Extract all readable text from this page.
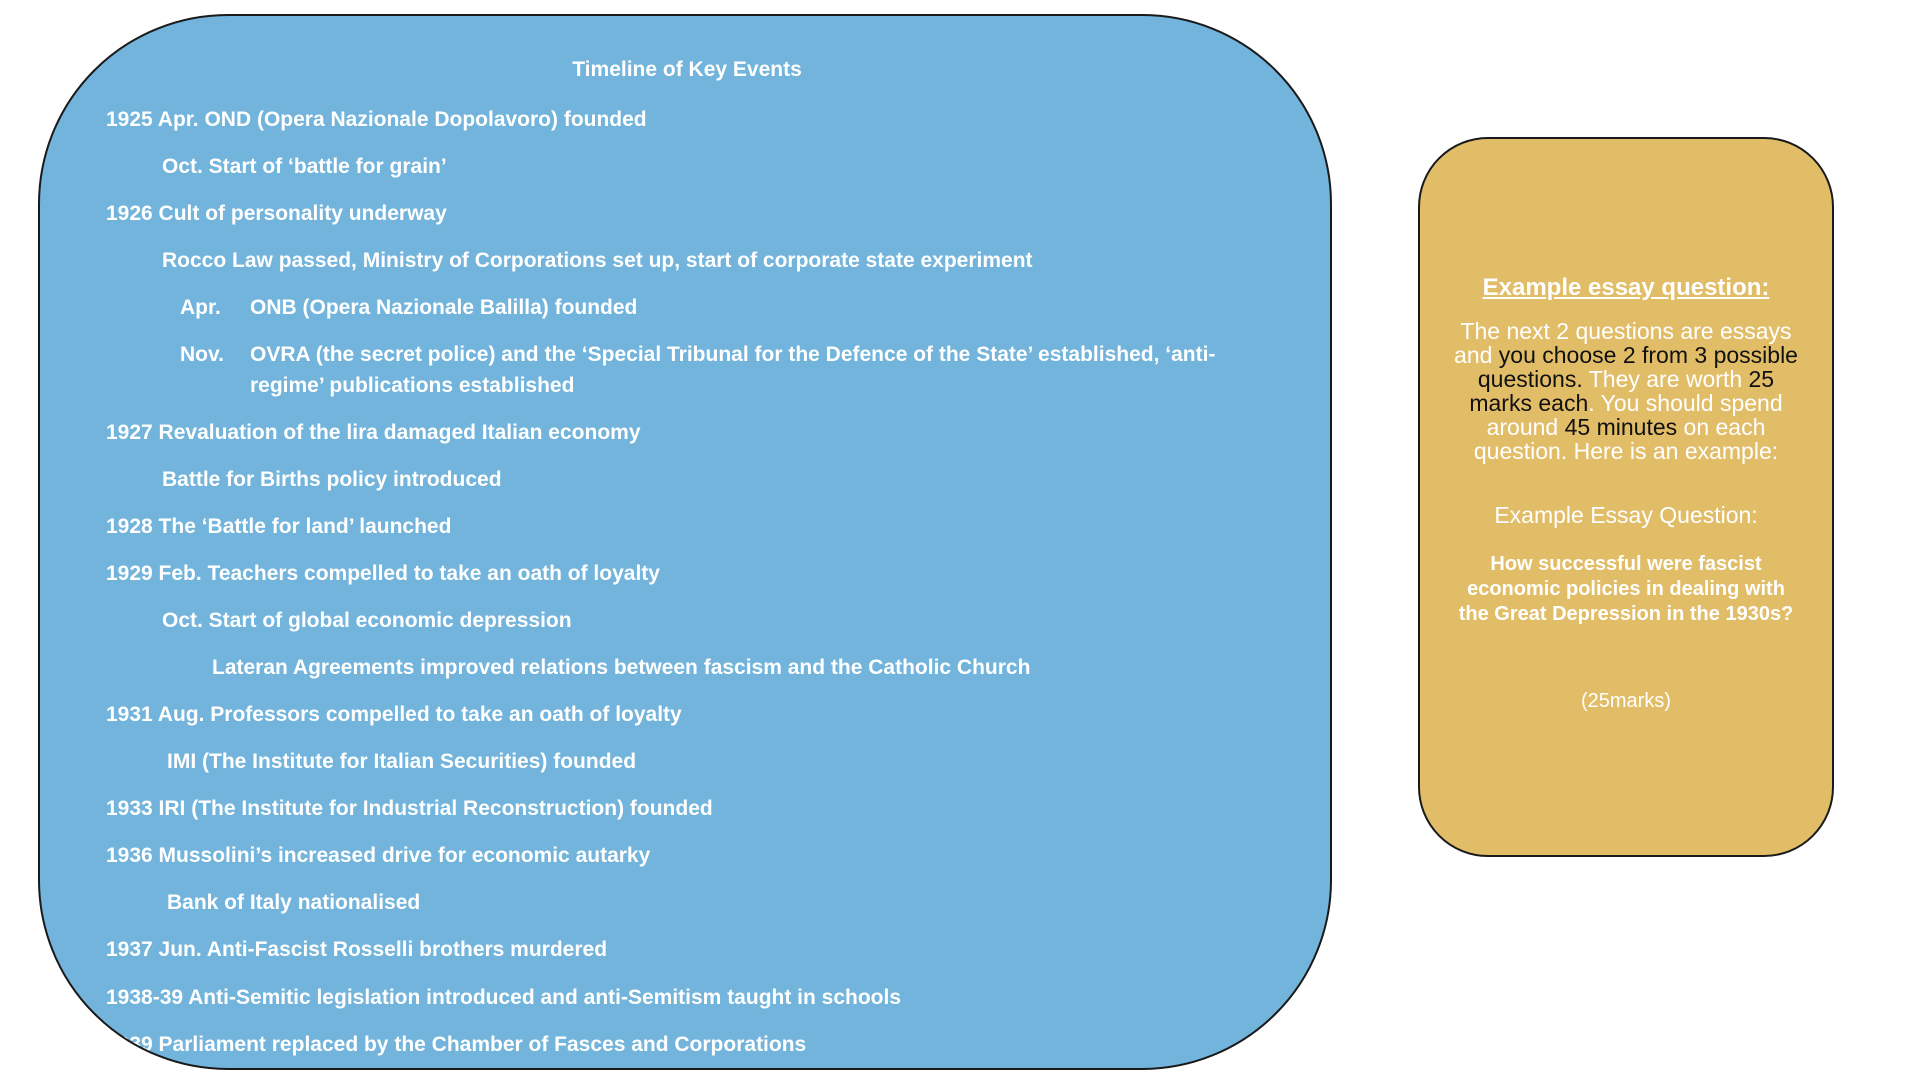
Timeline of Key Events
1925 Apr. OND (Opera Nazionale Dopolavoro) founded
Oct. Start of ‘battle for grain’
1926 Cult of personality underway
Rocco Law passed, Ministry of Corporations set up, start of corporate state experiment
Apr. ONB (Opera Nazionale Balilla) founded
Nov. OVRA (the secret police) and the ‘Special Tribunal for the Defence of the State’ established, ‘anti-regime’ publications established
1927 Revaluation of the lira damaged Italian economy
Battle for Births policy introduced
1928 The ‘Battle for land’ launched
1929 Feb. Teachers compelled to take an oath of loyalty
Oct. Start of global economic depression
Lateran Agreements improved relations between fascism and the Catholic Church
1931 Aug. Professors compelled to take an oath of loyalty
IMI (The Institute for Italian Securities) founded
1933 IRI (The Institute for Industrial Reconstruction) founded
1936 Mussolini’s increased drive for economic autarky
Bank of Italy nationalised
1937 Jun. Anti-Fascist Rosselli brothers murdered
1938-39 Anti-Semitic legislation introduced and anti-Semitism taught in schools
1939 Parliament replaced by the Chamber of Fasces and Corporations
Example essay question:
The next 2 questions are essays and you choose 2 from 3 possible questions. They are worth 25 marks each. You should spend around 45 minutes on each question. Here is an example:
Example Essay Question:
How successful were fascist economic policies in dealing with the Great Depression in the 1930s?
(25marks)
